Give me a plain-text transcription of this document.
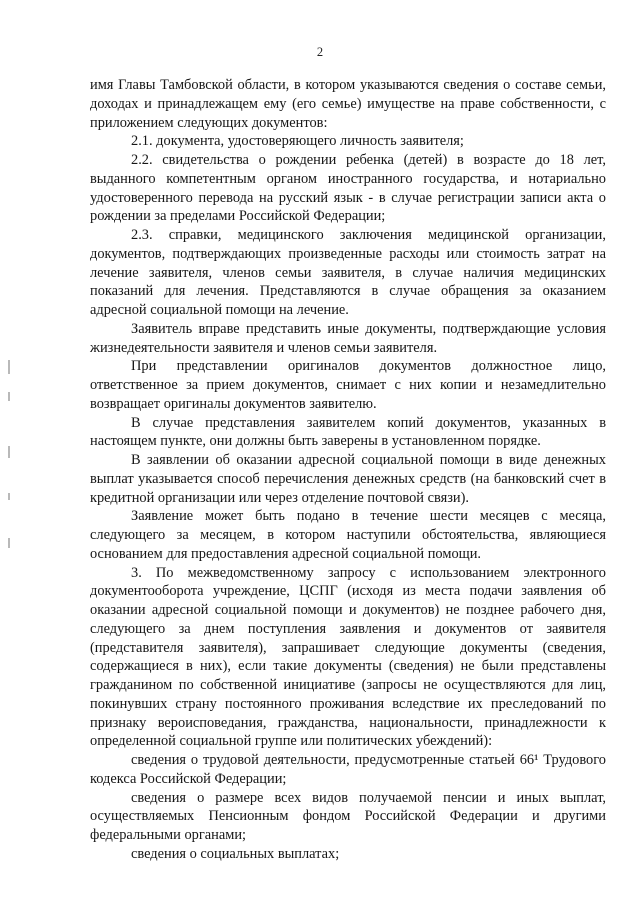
2

имя Главы Тамбовской области, в котором указываются сведения о составе семьи, доходах и принадлежащем ему (его семье) имуществе на праве собственности, с приложением следующих документов:

2.1. документа, удостоверяющего личность заявителя;

2.2. свидетельства о рождении ребенка (детей) в возрасте до 18 лет, выданного компетентным органом иностранного государства, и нотариально удостоверенного перевода на русский язык - в случае регистрации записи акта о рождении за пределами Российской Федерации;

2.3. справки, медицинского заключения медицинской организации, документов, подтверждающих произведенные расходы или стоимость затрат на лечение заявителя, членов семьи заявителя, в случае наличия медицинских показаний для лечения. Представляются в случае обращения за оказанием адресной социальной помощи на лечение.

Заявитель вправе представить иные документы, подтверждающие условия жизнедеятельности заявителя и членов семьи заявителя.

При представлении оригиналов документов должностное лицо, ответственное за прием документов, снимает с них копии и незамедлительно возвращает оригиналы документов заявителю.

В случае представления заявителем копий документов, указанных в настоящем пункте, они должны быть заверены в установленном порядке.

В заявлении об оказании адресной социальной помощи в виде денежных выплат указывается способ перечисления денежных средств (на банковский счет в кредитной организации или через отделение почтовой связи).

Заявление может быть подано в течение шести месяцев с месяца, следующего за месяцем, в котором наступили обстоятельства, являющиеся основанием для предоставления адресной социальной помощи.

3. По межведомственному запросу с использованием электронного документооборота учреждение, ЦСПГ (исходя из места подачи заявления об оказании адресной социальной помощи и документов) не позднее рабочего дня, следующего за днем поступления заявления и документов от заявителя (представителя заявителя), запрашивает следующие документы (сведения, содержащиеся в них), если такие документы (сведения) не были представлены гражданином по собственной инициативе (запросы не осуществляются для лиц, покинувших страну постоянного проживания вследствие их преследований по признаку вероисповедания, гражданства, национальности, принадлежности к определенной социальной группе или политических убеждений):

сведения о трудовой деятельности, предусмотренные статьей 66¹ Трудового кодекса Российской Федерации;

сведения о размере всех видов получаемой пенсии и иных выплат, осуществляемых Пенсионным фондом Российской Федерации и другими федеральными органами;

сведения о социальных выплатах;
